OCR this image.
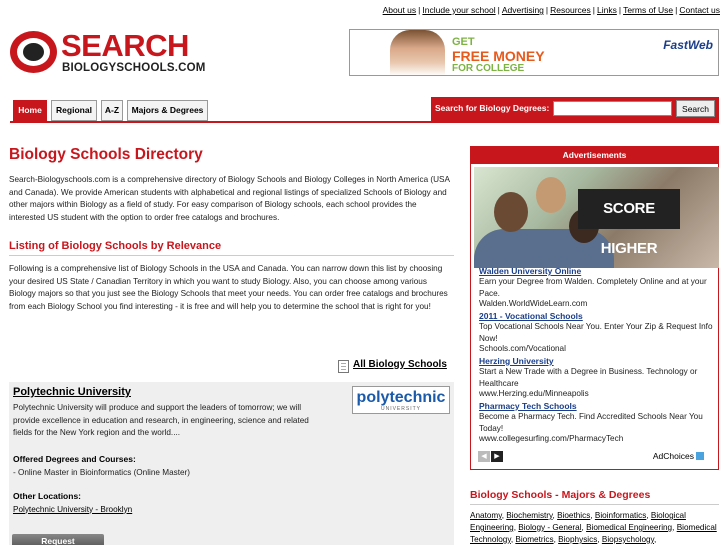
About us | Include your school | Advertising | Resources | Links | Terms of Use | Contact us
SEARCH
BIOLOGYSCHOOLS.COM
GET
FREE MONEY
FOR COLLEGE
FastWeb
Home	Regional	A-Z	Majors & Degrees	Search for Biology Degrees:	Search
Biology Schools Directory
Search-Biologyschools.com is a comprehensive directory of Biology Schools and Biology Colleges in North America (USA and Canada). We provide American students with alphabetical and regional listings of specialized Schools of Biology and other majors within Biology as a field of study. For easy comparison of Biology schools, each school provides the interested US student with the option to order free catalogs and brochures.
Listing of Biology Schools by Relevance
Following is a comprehensive list of Biology Schools in the USA and Canada. You can narrow down this list by choosing your desired US State / Canadian Territory in which you want to study Biology. Also, you can choose among various Biology majors so that you just see the Biology Schools that meet your needs. You can order free catalogs and brochures from each Biology School you find interesting - it is free and will help you to determine the school that is right for you!
All Biology Schools
Polytechnic University	polytechnic
UNIVERSITY
Polytechnic University will produce and support the leaders of tomorrow; we will provide excellence in education and research, in engineering, science and related fields for the New York region and the world....
Offered Degrees and Courses:
- Online Master in Bioinformatics (Online Master)
Other Locations:
Polytechnic University - Brooklyn
Request
Advertisements
SCORE HIGHER
Walden University Online
Earn your Degree from Walden. Completely Online and at your Pace.
Walden.WorldWideLearn.com
2011 - Vocational Schools
Top Vocational Schools Near You. Enter Your Zip & Request Info Now!
Schools.com/Vocational
Herzing University
Start a New Trade with a Degree in Business. Technology or Healthcare
www.Herzing.edu/Minneapolis
Pharmacy Tech Schools
Become a Pharmacy Tech. Find Accredited Schools Near You Today!
www.collegesurfing.com/PharmacyTech
◀ ▶	AdChoices
Biology Schools - Majors & Degrees
Anatomy, Biochemistry, Bioethics, Bioinformatics, Biological Engineering, Biology - General, Biomedical Engineering, Biomedical Technology, Biometrics, Biophysics, Biopsychology,
